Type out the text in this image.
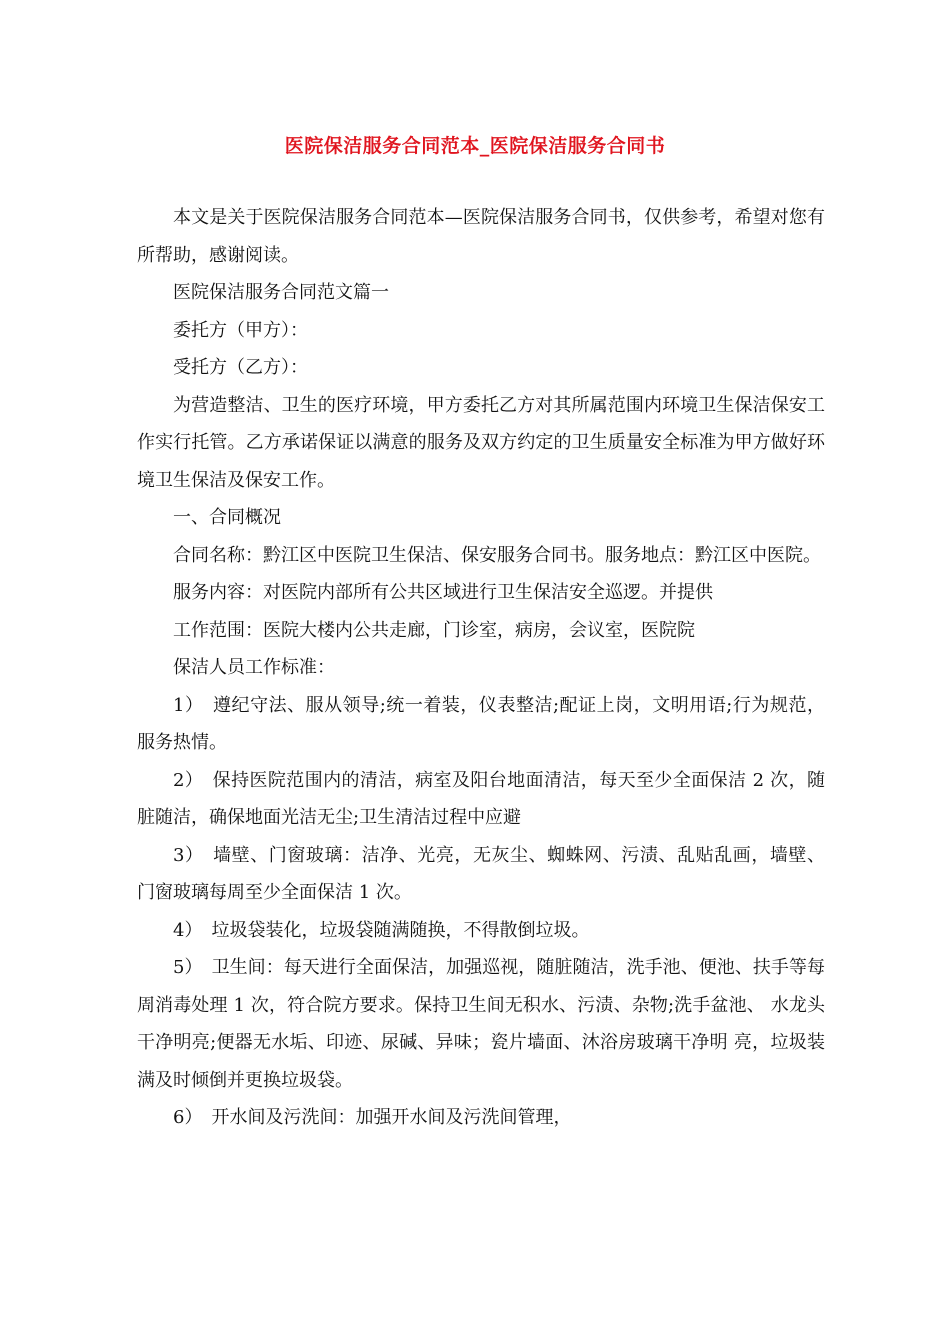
医院保洁服务合同范本_医院保洁服务合同书

本文是关于医院保洁服务合同范本—医院保洁服务合同书，仅供参考，希望对您有所帮助，感谢阅读。

医院保洁服务合同范文篇一

委托方（甲方）：

受托方（乙方）：

为营造整洁、卫生的医疗环境，甲方委托乙方对其所属范围内环境卫生保洁保安工作实行托管。乙方承诺保证以满意的服务及双方约定的卫生质量安全标准为甲方做好环境卫生保洁及保安工作。

一、合同概况

合同名称：黔江区中医院卫生保洁、保安服务合同书。服务地点：黔江区中医院。

服务内容：对医院内部所有公共区域进行卫生保洁安全巡逻。并提供

工作范围：医院大楼内公共走廊，门诊室，病房，会议室，医院院

保洁人员工作标准：

1）　遵纪守法、服从领导;统一着装，仪表整洁;配证上岗，文明用语;行为规范， 服务热情。

2）　保持医院范围内的清洁，病室及阳台地面清洁，每天至少全面保洁 2 次，随脏随洁，确保地面光洁无尘;卫生清洁过程中应避

3）　墙壁、门窗玻璃：洁净、光亮，无灰尘、蜘蛛网、污渍、乱贴乱画，墙壁、 门窗玻璃每周至少全面保洁 1 次。

4）　垃圾袋装化，垃圾袋随满随换，不得散倒垃圾。

5）　卫生间：每天进行全面保洁，加强巡视，随脏随洁，洗手池、便池、扶手等每周消毒处理 1 次，符合院方要求。保持卫生间无积水、污渍、杂物;洗手盆池、 水龙头干净明亮;便器无水垢、印迹、尿碱、异味；瓷片墙面、沐浴房玻璃干净明 亮，垃圾装满及时倾倒并更换垃圾袋。

6）　开水间及污洗间：加强开水间及污洗间管理，
